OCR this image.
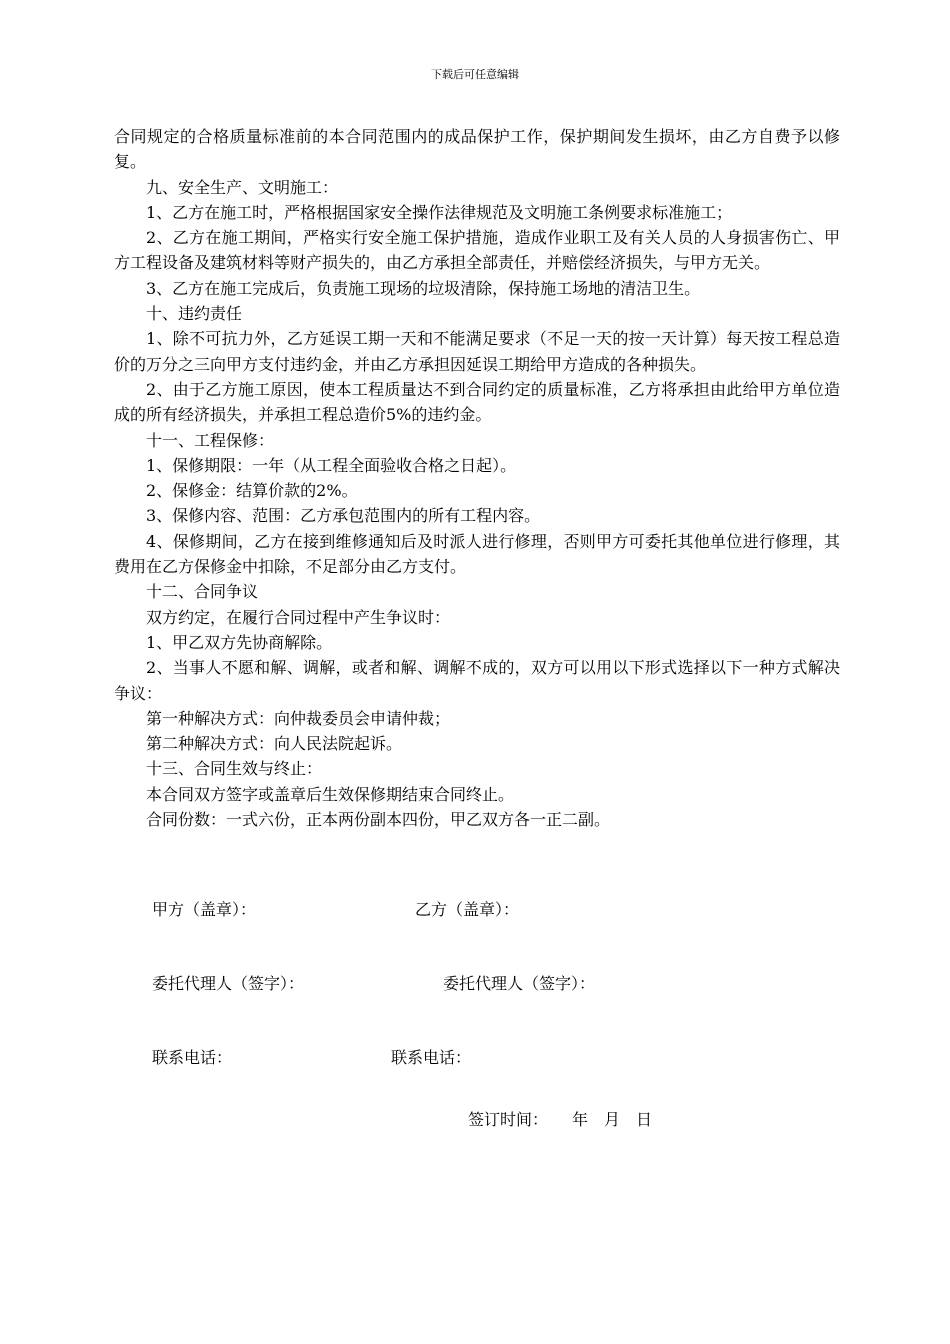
下载后可任意编辑

合同规定的合格质量标准前的本合同范围内的成品保护工作，保护期间发生损坏，由乙方自费予以修复。

九、安全生产、文明施工：

1、乙方在施工时，严格根据国家安全操作法律规范及文明施工条例要求标准施工；

2、乙方在施工期间，严格实行安全施工保护措施，造成作业职工及有关人员的人身损害伤亡、甲方工程设备及建筑材料等财产损失的，由乙方承担全部责任，并赔偿经济损失，与甲方无关。

3、乙方在施工完成后，负责施工现场的垃圾清除，保持施工场地的清洁卫生。

十、违约责任

1、除不可抗力外，乙方延误工期一天和不能满足要求（不足一天的按一天计算）每天按工程总造价的万分之三向甲方支付违约金，并由乙方承担因延误工期给甲方造成的各种损失。

2、由于乙方施工原因，使本工程质量达不到合同约定的质量标准，乙方将承担由此给甲方单位造成的所有经济损失，并承担工程总造价5%的违约金。

十一、工程保修：

1、保修期限：一年（从工程全面验收合格之日起）。

2、保修金：结算价款的2%。

3、保修内容、范围：乙方承包范围内的所有工程内容。

4、保修期间，乙方在接到维修通知后及时派人进行修理，否则甲方可委托其他单位进行修理，其费用在乙方保修金中扣除，不足部分由乙方支付。

十二、合同争议

双方约定，在履行合同过程中产生争议时：

1、甲乙双方先协商解除。

2、当事人不愿和解、调解，或者和解、调解不成的，双方可以用以下形式选择以下一种方式解决争议：

第一种解决方式：向仲裁委员会申请仲裁；

第二种解决方式：向人民法院起诉。

十三、合同生效与终止：

本合同双方签字或盖章后生效保修期结束合同终止。

合同份数：一式六份，正本两份副本四份，甲乙双方各一正二副。

甲方（盖章）：	乙方（盖章）：
委托代理人（签字）：	委托代理人（签字）：
联系电话：	联系电话：
签订时间：　　年　月　日
